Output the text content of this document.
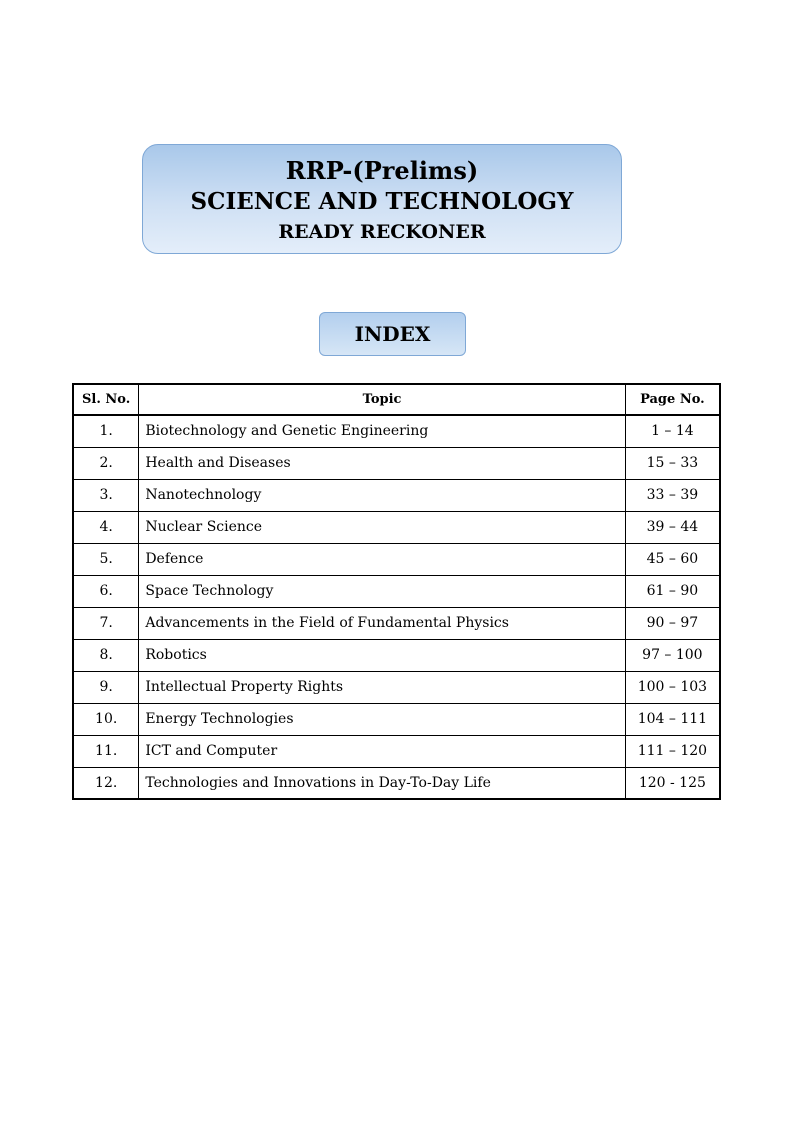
RRP-(Prelims)
SCIENCE AND TECHNOLOGY
READY RECKONER
INDEX
Sl. No.	Topic	Page No.
1.	Biotechnology and Genetic Engineering	1 – 14
2.	Health and Diseases	15 – 33
3.	Nanotechnology	33 – 39
4.	Nuclear Science	39 – 44
5.	Defence	45 – 60
6.	Space Technology	61 – 90
7.	Advancements in the Field of Fundamental Physics	90 – 97
8.	Robotics	97 – 100
9.	Intellectual Property Rights	100 – 103
10.	Energy Technologies	104 – 111
11.	ICT and Computer	111 – 120
12.	Technologies and Innovations in Day-To-Day Life	120 - 125
